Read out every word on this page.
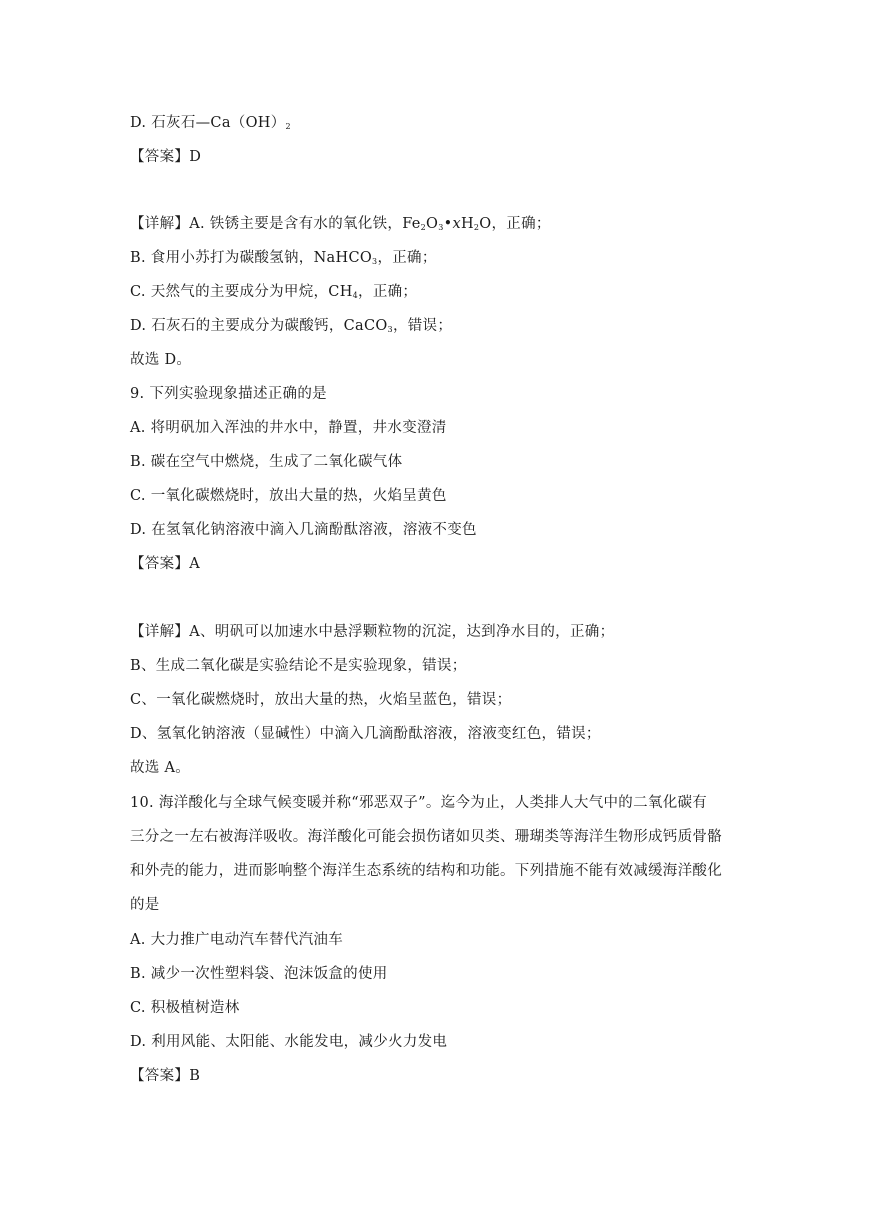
D. 石灰石$—Ca(OH)_2$
【答案】D
【详解】A. 铁锈主要是含有水的氧化铁，$Fe_2O_3•xH_2O$，正确；
B. 食用小苏打为碳酸氢钠，NaHCO$_3$，正确；
C. 天然气的主要成分为甲烷，$CH_4$，正确；
D. 石灰石的主要成分为碳酸钙，CaCO$_3$，错误；
故选 D。
9. 下列实验现象描述正确的是
A. 将明矾加入浑浊的井水中，静置，井水变澄清
B. 碳在空气中燃烧，生成了二氧化碳气体
C. 一氧化碳燃烧时，放出大量的热，火焰呈黄色
D. 在氢氧化钠溶液中滴入几滴酚酞溶液，溶液不变色
【答案】A
【详解】A、明矾可以加速水中悬浮颗粒物的沉淀，达到净水目的，正确；
B、生成二氧化碳是实验结论不是实验现象，错误；
C、一氧化碳燃烧时，放出大量的热，火焰呈蓝色，错误；
D、氢氧化钠溶液（显碱性）中滴入几滴酚酞溶液，溶液变红色，错误；
故选 A。
10. 海洋酸化与全球气候变暖并称“邪恶双子”。迄今为止，人类排人大气中的二氧化碳有
三分之一左右被海洋吸收。海洋酸化可能会损伤诸如贝类、珊瑚类等海洋生物形成钙质骨骼
和外壳的能力，进而影响整个海洋生态系统的结构和功能。下列措施不能有效减缓海洋酸化
的是
A. 大力推广电动汽车替代汽油车
B. 减少一次性塑料袋、泡沫饭盒的使用
C. 积极植树造林
D. 利用风能、太阳能、水能发电，减少火力发电
【答案】B
